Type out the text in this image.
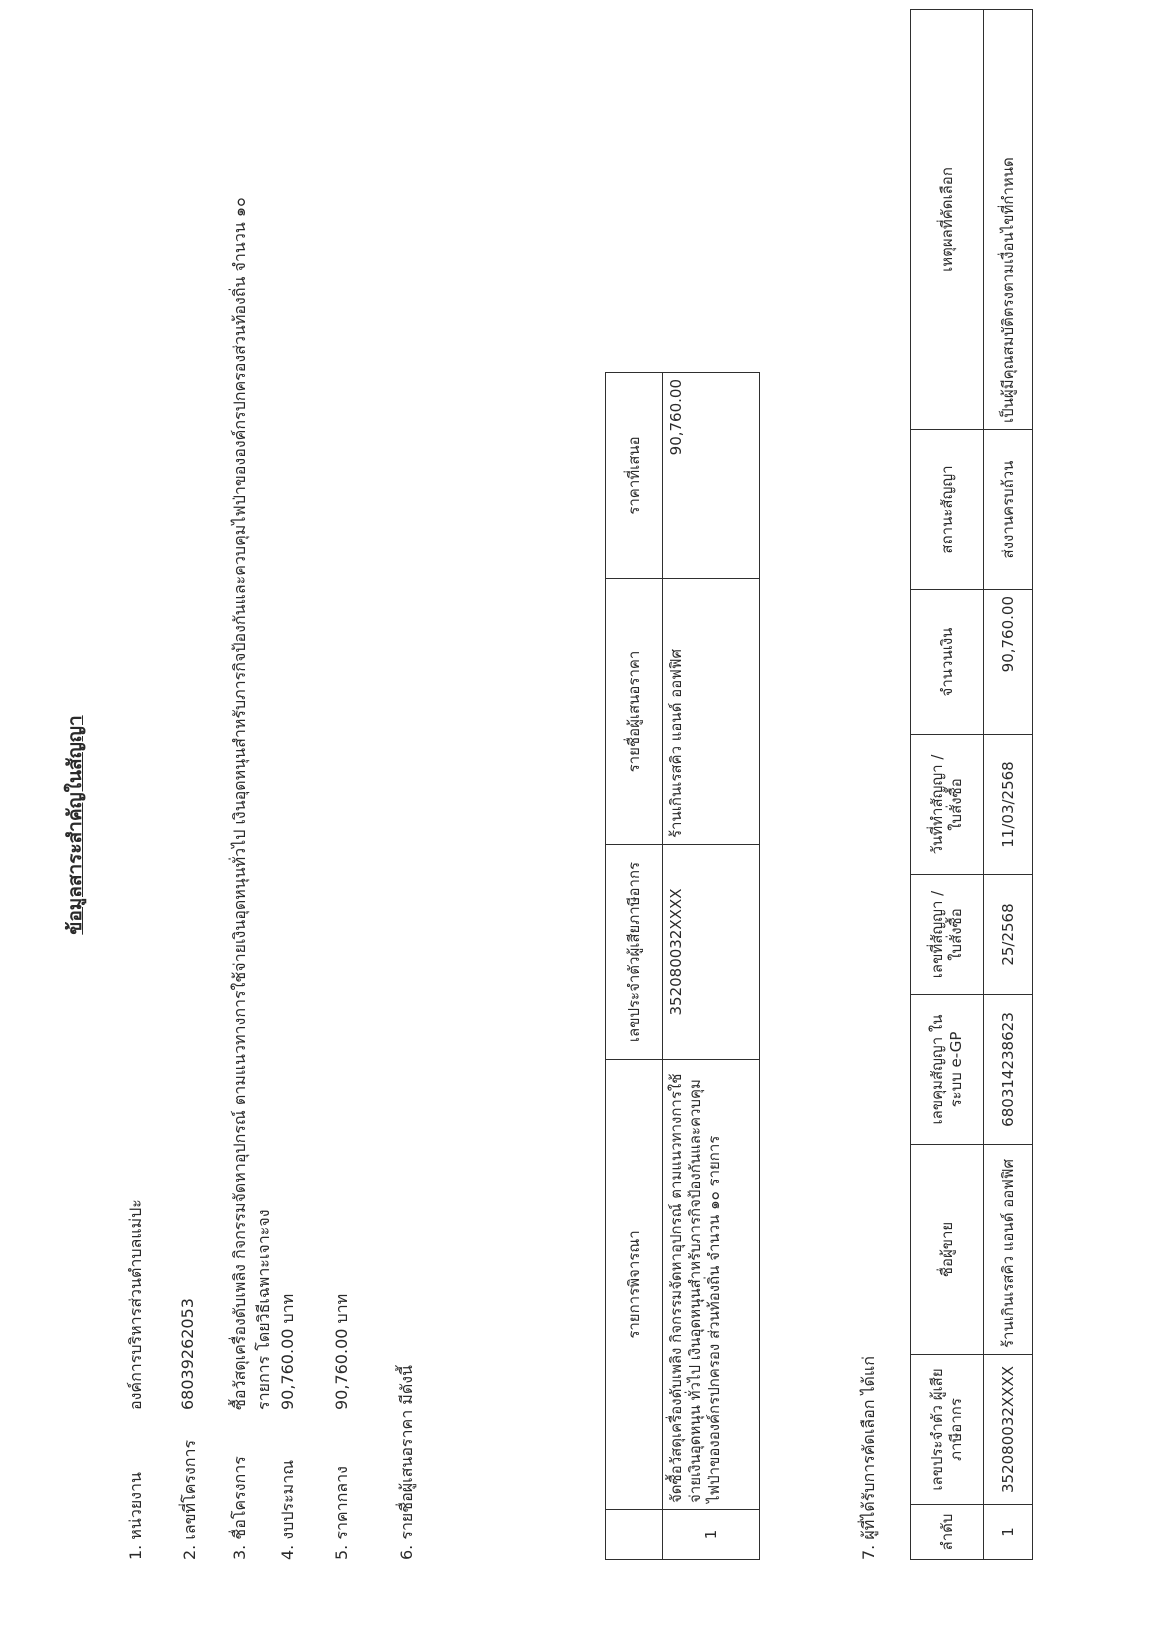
ข้อมูลสาระสำคัญในสัญญา
1. หน่วยงาน
องค์การบริหารส่วนตำบลแม่ปะ
2. เลขที่โครงการ
68039262053
3. ชื่อโครงการ
ซื้อวัสดุเครื่องดับเพลิง กิจกรรมจัดหาอุปกรณ์ ตามแนวทางการใช้จ่ายเงินอุดหนุนทั่วไป เงินอุดหนุนสำหรับภารกิจป้องกันและควบคุมไฟป่าขององค์กรปกครองส่วนท้องถิ่น จำนวน ๑๐ รายการ โดยวิธีเฉพาะเจาะจง
4. งบประมาณ
90,760.00 บาท
5. ราคากลาง
90,760.00 บาท
6. รายชื่อผู้เสนอราคา มีดังนี้
	รายการพิจารณา	เลขประจำตัวผู้เสียภาษีอากร	รายชื่อผู้เสนอราคา	ราคาที่เสนอ
1	จัดซื้อวัสดุเครื่องดับเพลิง กิจกรรมจัดหาอุปกรณ์ ตามแนวทางการใช้จ่ายเงินอุดหนุน ทั่วไป เงินอุดหนุนสำหรับภารกิจป้องกันและควบคุมไฟป่าขององค์กรปกครอง ส่วนท้องถิ่น จำนวน ๑๐ รายการ	352080032XXXX	ร้านเกินเรสคิว แอนด์ ออฟฟิศ	90,760.00
7. ผู้ที่ได้รับการคัดเลือก ได้แก่	ลำดับ	เลขประจำตัว ผู้เสียภาษีอากร	ชื่อผู้ขาย	เลขคุมสัญญา ในระบบ e-GP	เลขที่สัญญา / ใบสั่งซื้อ	วันที่ทำสัญญา / ใบสั่งซื้อ	จำนวนเงิน	สถานะสัญญา	เหตุผลที่คัดเลือก
1	352080032XXXX	ร้านเกินเรสคิว แอนด์ ออฟฟิศ	68031423862З	25/2568	11/03/2568	90,760.00	ส่งงานครบถ้วน	เป็นผู้มีคุณสมบัติตรงตามเงื่อนไขที่กำหนด
